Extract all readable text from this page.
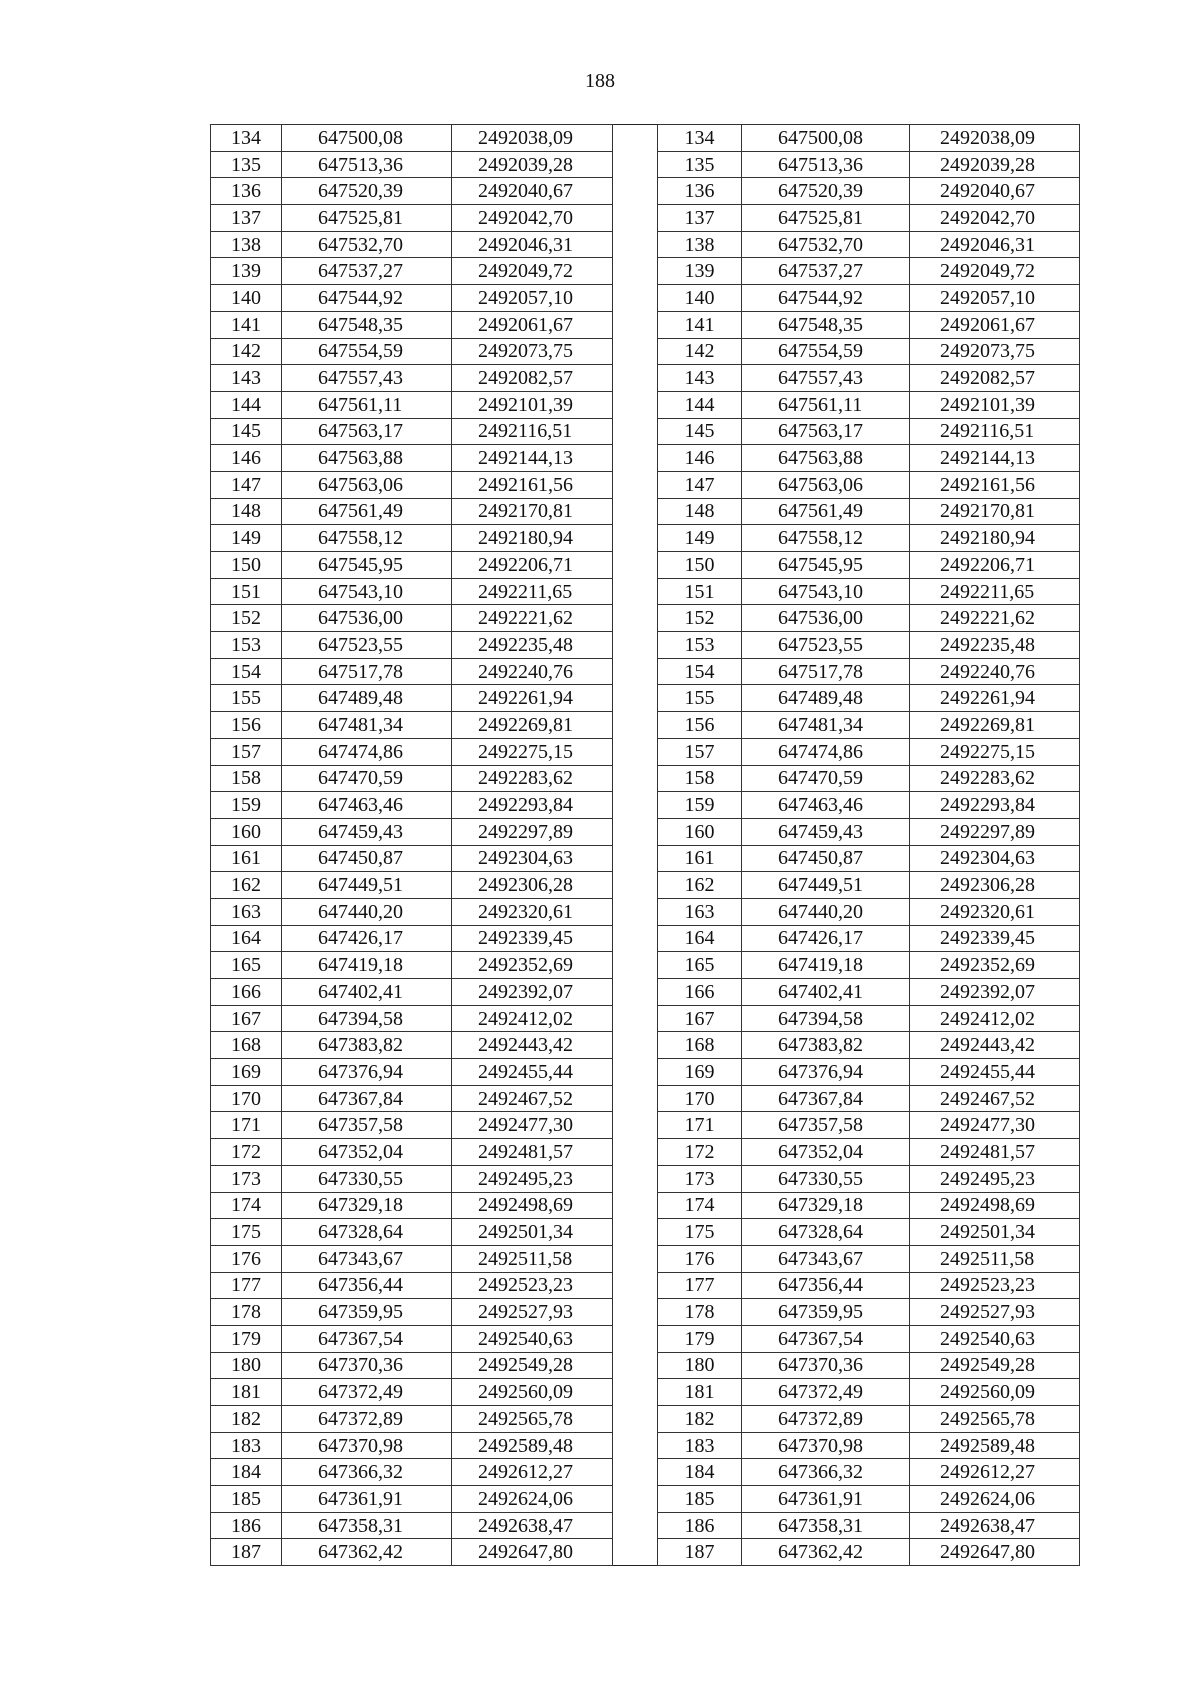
188
134	647500,08	2492038,09		134	647500,08	2492038,09
135	647513,36	2492039,28		135	647513,36	2492039,28
136	647520,39	2492040,67		136	647520,39	2492040,67
137	647525,81	2492042,70		137	647525,81	2492042,70
138	647532,70	2492046,31		138	647532,70	2492046,31
139	647537,27	2492049,72		139	647537,27	2492049,72
140	647544,92	2492057,10		140	647544,92	2492057,10
141	647548,35	2492061,67		141	647548,35	2492061,67
142	647554,59	2492073,75		142	647554,59	2492073,75
143	647557,43	2492082,57		143	647557,43	2492082,57
144	647561,11	2492101,39		144	647561,11	2492101,39
145	647563,17	2492116,51		145	647563,17	2492116,51
146	647563,88	2492144,13		146	647563,88	2492144,13
147	647563,06	2492161,56		147	647563,06	2492161,56
148	647561,49	2492170,81		148	647561,49	2492170,81
149	647558,12	2492180,94		149	647558,12	2492180,94
150	647545,95	2492206,71		150	647545,95	2492206,71
151	647543,10	2492211,65		151	647543,10	2492211,65
152	647536,00	2492221,62		152	647536,00	2492221,62
153	647523,55	2492235,48		153	647523,55	2492235,48
154	647517,78	2492240,76		154	647517,78	2492240,76
155	647489,48	2492261,94		155	647489,48	2492261,94
156	647481,34	2492269,81		156	647481,34	2492269,81
157	647474,86	2492275,15		157	647474,86	2492275,15
158	647470,59	2492283,62		158	647470,59	2492283,62
159	647463,46	2492293,84		159	647463,46	2492293,84
160	647459,43	2492297,89		160	647459,43	2492297,89
161	647450,87	2492304,63		161	647450,87	2492304,63
162	647449,51	2492306,28		162	647449,51	2492306,28
163	647440,20	2492320,61		163	647440,20	2492320,61
164	647426,17	2492339,45		164	647426,17	2492339,45
165	647419,18	2492352,69		165	647419,18	2492352,69
166	647402,41	2492392,07		166	647402,41	2492392,07
167	647394,58	2492412,02		167	647394,58	2492412,02
168	647383,82	2492443,42		168	647383,82	2492443,42
169	647376,94	2492455,44		169	647376,94	2492455,44
170	647367,84	2492467,52		170	647367,84	2492467,52
171	647357,58	2492477,30		171	647357,58	2492477,30
172	647352,04	2492481,57		172	647352,04	2492481,57
173	647330,55	2492495,23		173	647330,55	2492495,23
174	647329,18	2492498,69		174	647329,18	2492498,69
175	647328,64	2492501,34		175	647328,64	2492501,34
176	647343,67	2492511,58		176	647343,67	2492511,58
177	647356,44	2492523,23		177	647356,44	2492523,23
178	647359,95	2492527,93		178	647359,95	2492527,93
179	647367,54	2492540,63		179	647367,54	2492540,63
180	647370,36	2492549,28		180	647370,36	2492549,28
181	647372,49	2492560,09		181	647372,49	2492560,09
182	647372,89	2492565,78		182	647372,89	2492565,78
183	647370,98	2492589,48		183	647370,98	2492589,48
184	647366,32	2492612,27		184	647366,32	2492612,27
185	647361,91	2492624,06		185	647361,91	2492624,06
186	647358,31	2492638,47		186	647358,31	2492638,47
187	647362,42	2492647,80		187	647362,42	2492647,80
